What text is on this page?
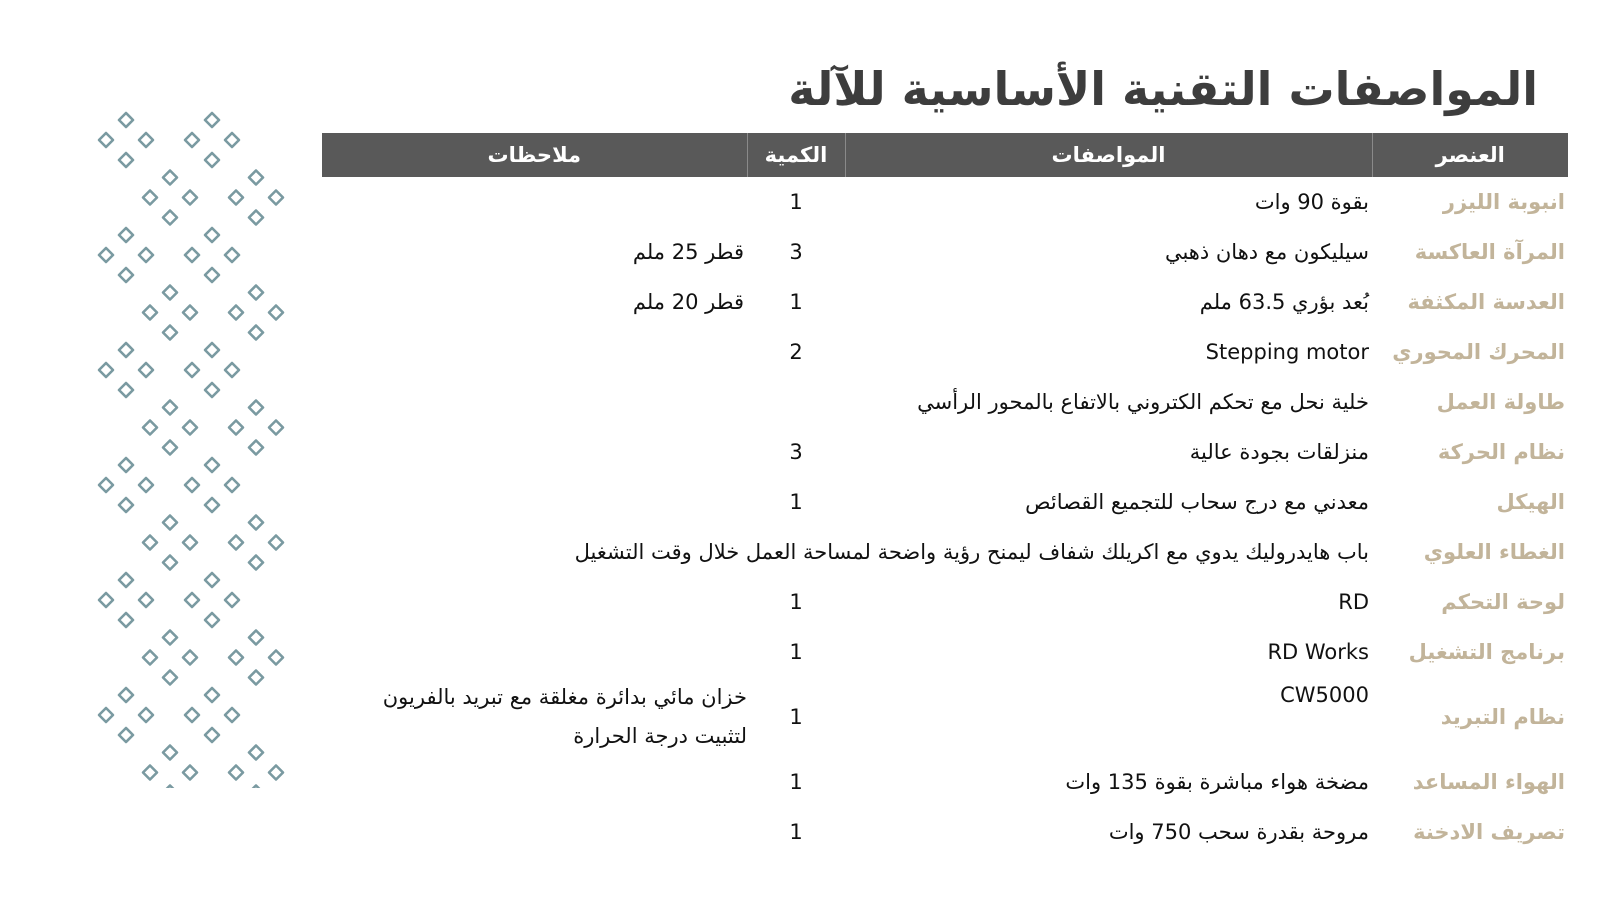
المواصفات التقنية الأساسية للآلة
العنصر	المواصفات	الكمية	ملاحظات
انبوبة الليزر	بقوة 90 وات	1	
المرآة العاكسة	سيليكون مع دهان ذهبي	3	قطر 25 ملم
العدسة المكثفة	بُعد بؤري 63.5 ملم	1	قطر 20 ملم
المحرك المحوري	Stepping motor	2	
طاولة العمل	خلية نحل مع تحكم الكتروني بالاتفاع بالمحور الرأسي		
نظام الحركة	منزلقات بجودة عالية	3	
الهيكل	معدني مع درج سحاب للتجميع القصائص	1	
الغطاء العلوي	باب هايدروليك يدوي مع اكريلك شفاف ليمنح رؤية واضحة لمساحة العمل خلال وقت التشغيل		
لوحة التحكم	RD	1	
برنامج التشغيل	RD Works	1	
نظام التبريد	CW5000	1	خزان مائي بدائرة مغلقة مع تبريد بالفريون لتثبيت درجة الحرارة
الهواء المساعد	مضخة هواء مباشرة بقوة 135 وات	1	
تصريف الادخنة	مروحة بقدرة سحب 750 وات	1	
